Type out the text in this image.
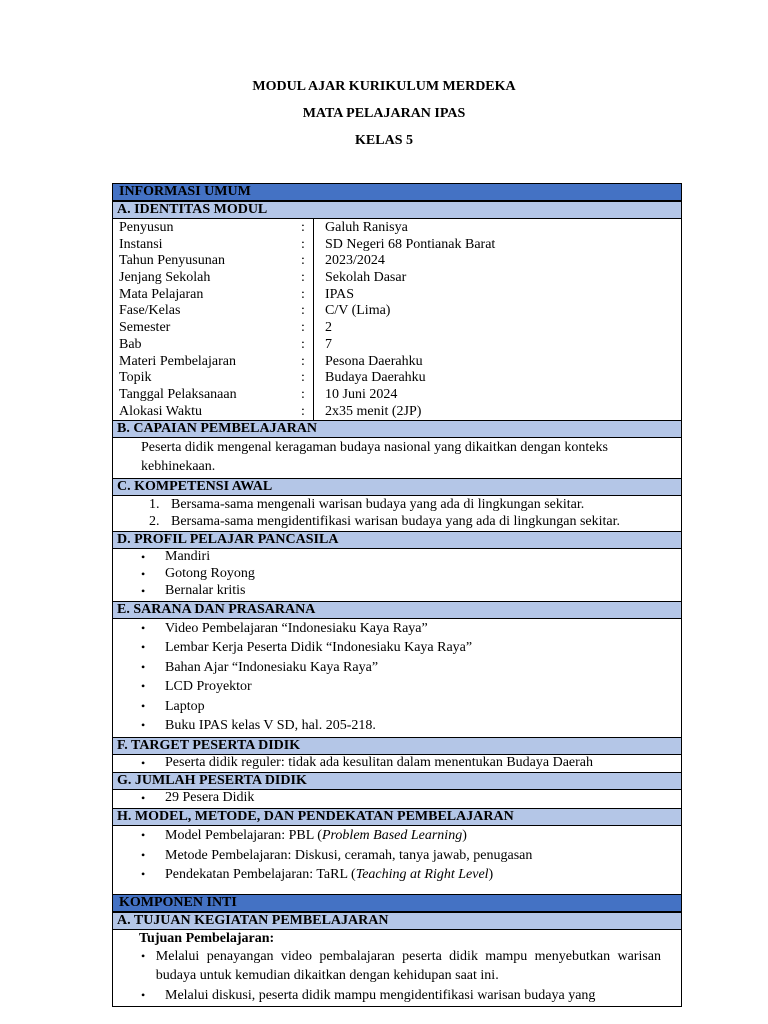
MODUL AJAR KURIKULUM MERDEKA
MATA PELAJARAN IPAS
KELAS 5
INFORMASI UMUM
A. IDENTITAS MODUL
Penyusun	:	Galuh Ranisya
Instansi	:	SD Negeri 68 Pontianak Barat
Tahun Penyusunan	:	2023/2024
Jenjang Sekolah	:	Sekolah Dasar
Mata Pelajaran	:	IPAS
Fase/Kelas	:	C/V (Lima)
Semester	:	2
Bab	:	7
Materi Pembelajaran	:	Pesona Daerahku
Topik	:	Budaya Daerahku
Tanggal Pelaksanaan	:	10 Juni 2024
Alokasi Waktu	:	2x35 menit (2JP)
B. CAPAIAN PEMBELAJARAN
Peserta didik mengenal keragaman budaya nasional yang dikaitkan dengan konteks kebhinekaan.
C. KOMPETENSI AWAL
1. Bersama-sama mengenali warisan budaya yang ada di lingkungan sekitar.
2. Bersama-sama mengidentifikasi warisan budaya yang ada di lingkungan sekitar.
D. PROFIL PELAJAR PANCASILA
•	Mandiri
•	Gotong Royong
•	Bernalar kritis
E. SARANA DAN PRASARANA
•	Video Pembelajaran “Indonesiaku Kaya Raya”
•	Lembar Kerja Peserta Didik “Indonesiaku Kaya Raya”
•	Bahan Ajar “Indonesiaku Kaya Raya”
•	LCD Proyektor
•	Laptop
•	Buku IPAS kelas V SD, hal. 205-218.
F. TARGET PESERTA DIDIK
•	Peserta didik reguler: tidak ada kesulitan dalam menentukan Budaya Daerah
G. JUMLAH PESERTA DIDIK
•	29 Pesera Didik
H. MODEL, METODE, DAN PENDEKATAN PEMBELAJARAN
•	Model Pembelajaran: PBL (Problem Based Learning)
•	Metode Pembelajaran: Diskusi, ceramah, tanya jawab, penugasan
•	Pendekatan Pembelajaran: TaRL (Teaching at Right Level)
KOMPONEN INTI
A. TUJUAN KEGIATAN PEMBELAJARAN
Tujuan Pembelajaran:
• Melalui penayangan video pembalajaran peserta didik mampu menyebutkan warisan budaya untuk kemudian dikaitkan dengan kehidupan saat ini.
•	Melalui diskusi, peserta didik mampu mengidentifikasi warisan budaya yang
